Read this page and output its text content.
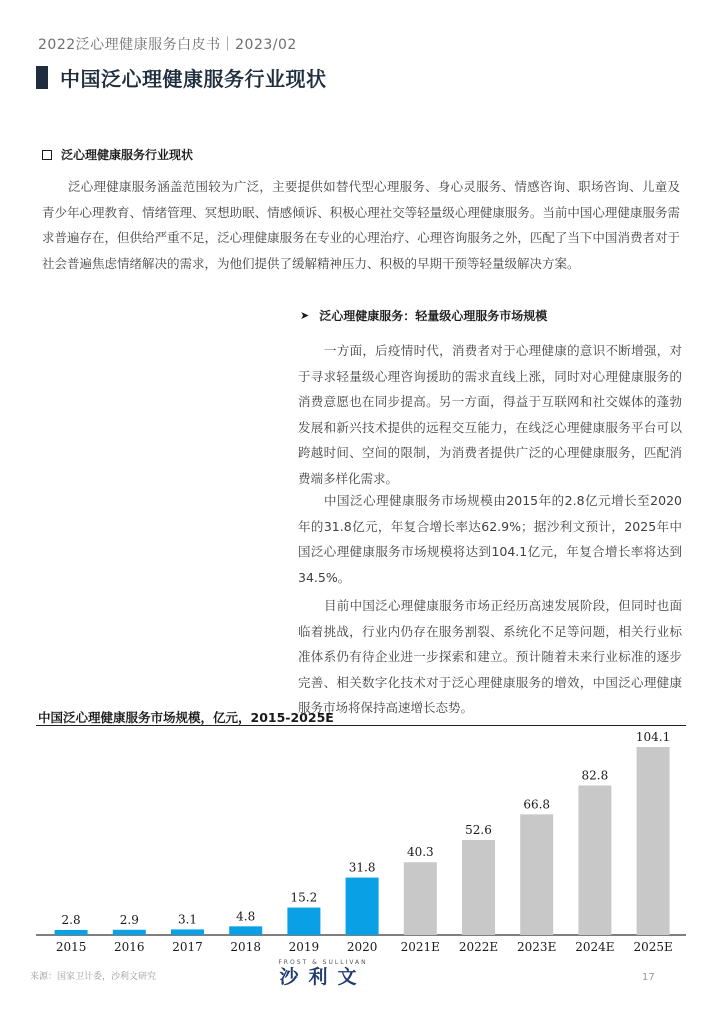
2022泛心理健康服务白皮书｜2023/02
中国泛心理健康服务行业现状
泛心理健康服务行业现状
泛心理健康服务涵盖范围较为广泛，主要提供如替代型心理服务、身心灵服务、情感咨询、职场咨询、儿童及青少年心理教育、情绪管理、冥想助眠、情感倾诉、积极心理社交等轻量级心理健康服务。当前中国心理健康服务需求普遍存在，但供给严重不足，泛心理健康服务在专业的心理治疗、心理咨询服务之外，匹配了当下中国消费者对于社会普遍焦虑情绪解决的需求，为他们提供了缓解精神压力、积极的早期干预等轻量级解决方案。
➤ 泛心理健康服务：轻量级心理服务市场规模
一方面，后疫情时代，消费者对于心理健康的意识不断增强，对于寻求轻量级心理咨询援助的需求直线上涨，同时对心理健康服务的消费意愿也在同步提高。另一方面，得益于互联网和社交媒体的蓬勃发展和新兴技术提供的远程交互能力，在线泛心理健康服务平台可以跨越时间、空间的限制，为消费者提供广泛的心理健康服务，匹配消费端多样化需求。
中国泛心理健康服务市场规模由2015年的2.8亿元增长至2020年的31.8亿元，年复合增长率达62.9%；据沙利文预计，2025年中国泛心理健康服务市场规模将达到104.1亿元，年复合增长率将达到34.5%。
目前中国泛心理健康服务市场正经历高速发展阶段，但同时也面临着挑战，行业内仍存在服务割裂、系统化不足等问题，相关行业标准体系仍有待企业进一步探索和建立。预计随着未来行业标准的逐步完善、相关数字化技术对于泛心理健康服务的增效，中国泛心理健康服务市场将保持高速增长态势。
中国泛心理健康服务市场规模，亿元，2015-2025E
2.8
2015
2.9
2016
3.1
2017
4.8
2018
15.2
2019
31.8
2020
40.3
2021E
52.6
2022E
66.8
2023E
82.8
2024E
104.1
2025E
来源：国家卫计委，沙利文研究
FROST & SULLIVAN
沙利文	17
